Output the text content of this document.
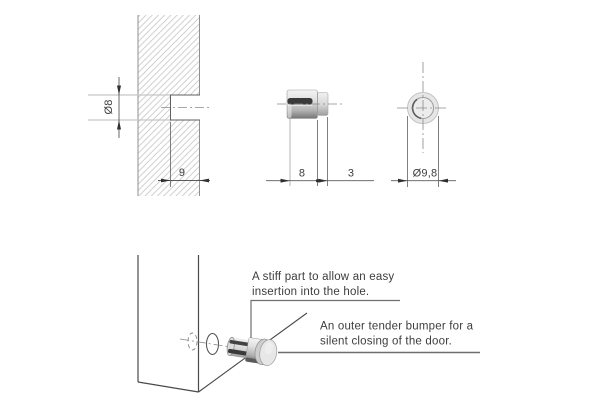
Ø8
9	8	3	Ø9,8
A stiff part to allow an easy
insertion into the hole.
An outer tender bumper for a
silent closing of the door.
